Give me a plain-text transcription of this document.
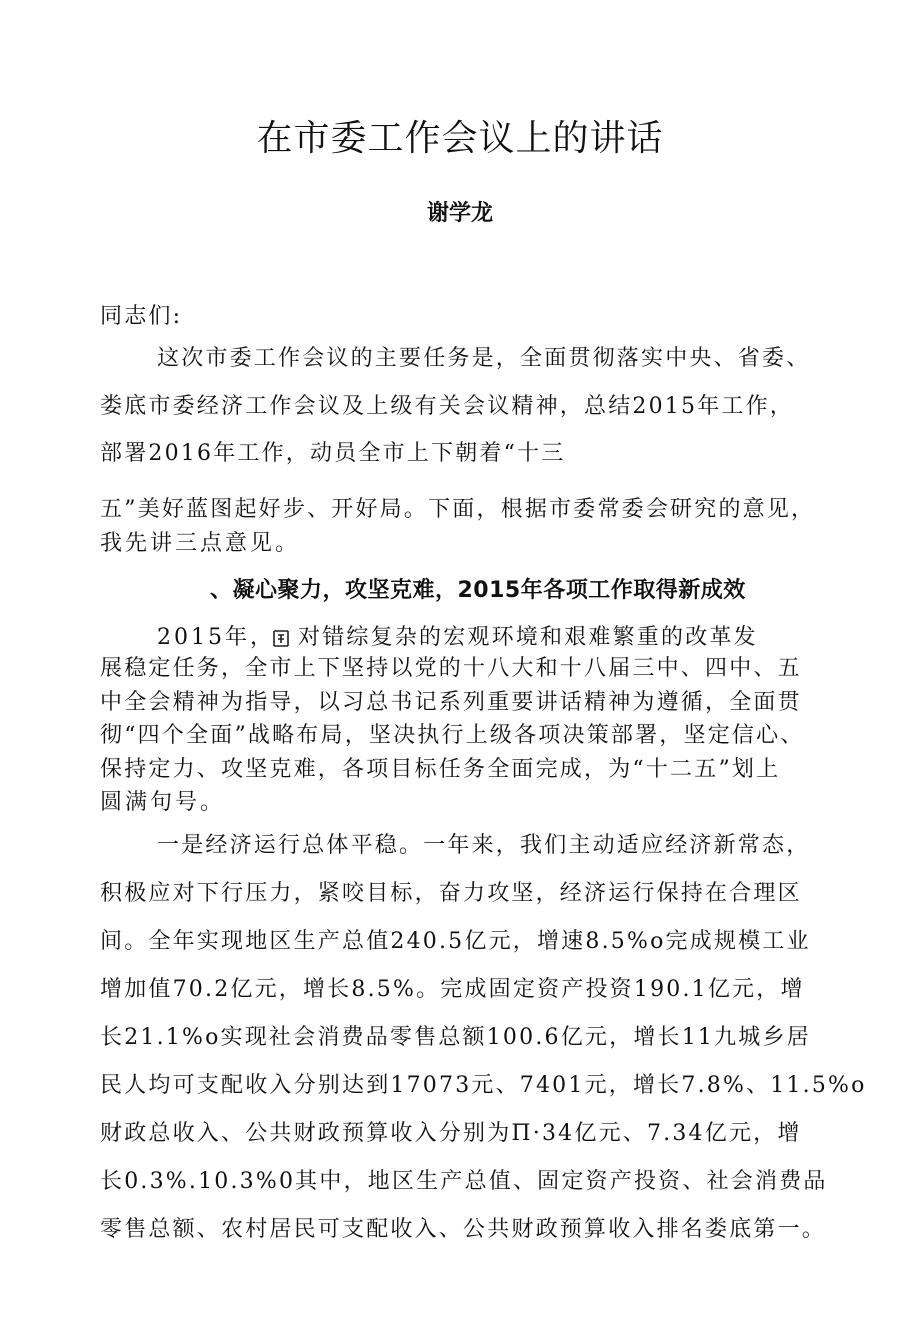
在市委工作会议上的讲话

谢学龙

同志们:

这次市委工作会议的主要任务是，全面贯彻落实中央、省委、

娄底市委经济工作会议及上级有关会议精神，总结2015年工作，

部署2016年工作，动员全市上下朝着“十三

五”美好蓝图起好步、开好局。下面，根据市委常委会研究的意见，

我先讲三点意见。

、凝心聚力，攻坚克难，2015年各项工作取得新成效

2015年，	对错综复杂的宏观环境和艰难繁重的改革发

展稳定任务，全市上下坚持以党的十八大和十八届三中、四中、五

中全会精神为指导，以习总书记系列重要讲话精神为遵循，全面贯

彻“四个全面”战略布局，坚决执行上级各项决策部署，坚定信心、

保持定力、攻坚克难，各项目标任务全面完成，为“十二五”划上

圆满句号。

一是经济运行总体平稳。一年来，我们主动适应经济新常态，

积极应对下行压力，紧咬目标，奋力攻坚，经济运行保持在合理区

间。全年实现地区生产总值240.5亿元，增速8.5%o完成规模工业

增加值70.2亿元，增长8.5%。完成固定资产投资190.1亿元，增

长21.1%o实现社会消费品零售总额100.6亿元，增长11九城乡居

民人均可支配收入分别达到17073元、7401元，增长7.8%、11.5%o

财政总收入、公共财政预算收入分别为Π·34亿元、7.34亿元，增

长0.3%.10.3%0其中，地区生产总值、固定资产投资、社会消费品

零售总额、农村居民可支配收入、公共财政预算收入排名娄底第一。
